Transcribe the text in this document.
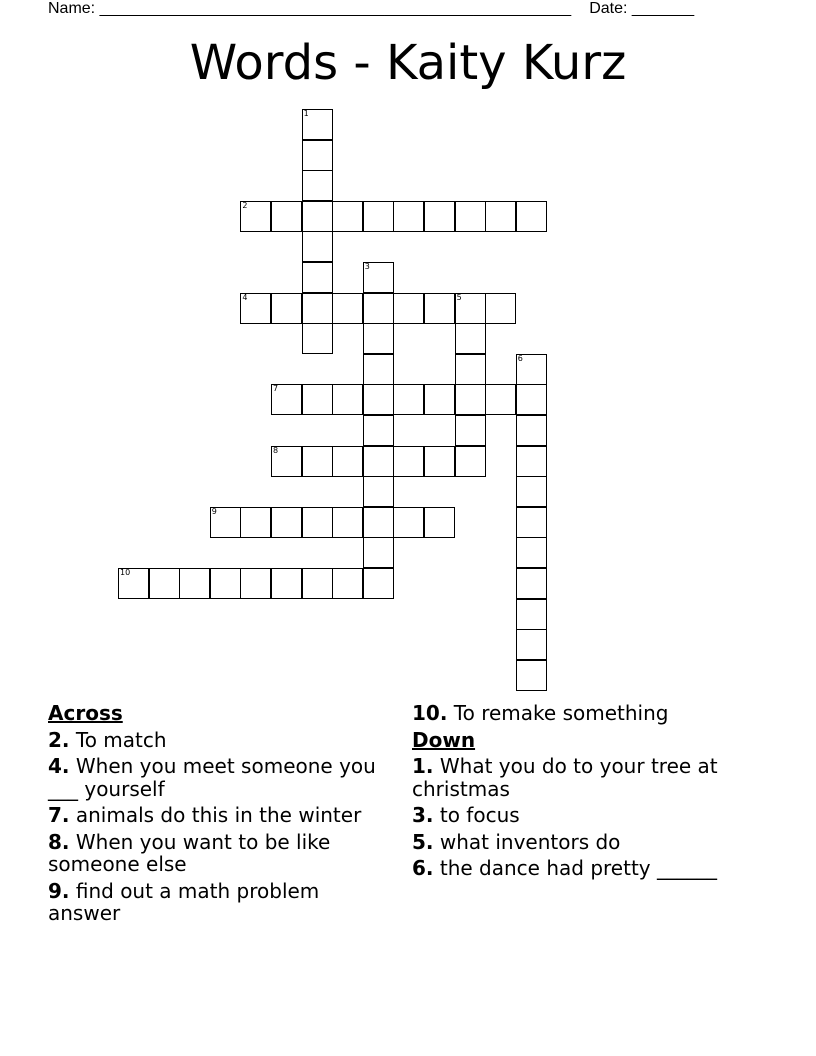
Name: _____________________________________________________ Date: _______
Words - Kaity Kurz
1
2
3
4	5
6
7
8
9
10
Across
2. To match
4. When you meet someone you ___ yourself
7. animals do this in the winter
8. When you want to be like someone else
9. find out a math problem answer
10. To remake something
Down
1. What you do to your tree at christmas
3. to focus
5. what inventors do
6. the dance had pretty ______
